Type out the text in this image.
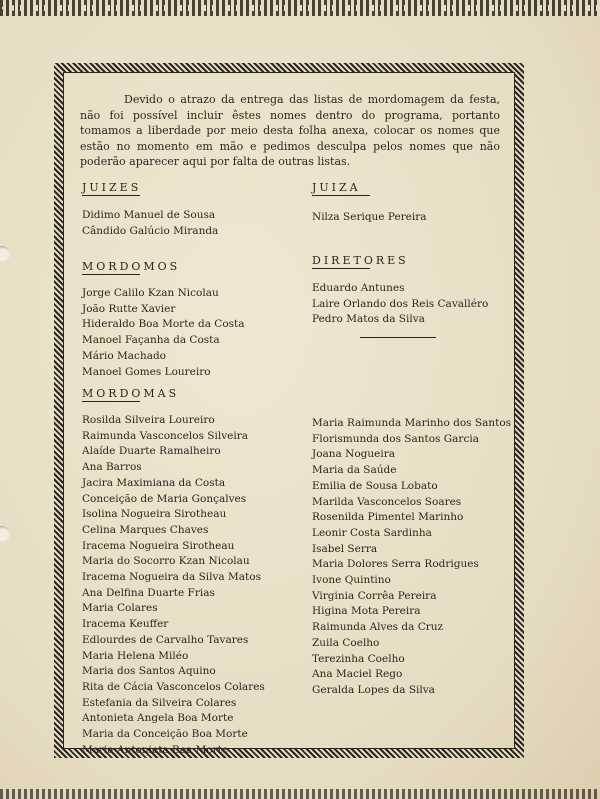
Devido o atrazo da entrega das listas de mordomagem da festa, não foi possível incluir êstes nomes dentro do programa, portanto tomamos a liberdade por meio desta folha anexa, colocar os nomes que estão no momento em mão e pedimos desculpa pelos nomes que não poderão aparecer aqui por falta de outras listas.
JUIZES
Didimo Manuel de Sousa
Cândido Galúcio Miranda
JUIZA
Nilza Serique Pereira
MORDOMOS
Jorge Calilo Kzan Nicolau
João Rutte Xavier
Hideraldo Boa Morte da Costa
Manoel Façanha da Costa
Mário Machado
Manoel Gomes Loureiro
DIRETORES
Eduardo Antunes
Laire Orlando dos Reis Cavalléro
Pedro Matos da Silva
MORDOMAS
Rosilda Silveira Loureiro
Raimunda Vasconcelos Silveira
Alaíde Duarte Ramalheiro
Ana Barros
Jacira Maximiana da Costa
Conceição de Maria Gonçalves
Isolina Nogueira Sirotheau
Celina Marques Chaves
Iracema Nogueira Sirotheau
Maria do Socorro Kzan Nicolau
Iracema Nogueira da Silva Matos
Ana Delfina Duarte Frias
Maria Colares
Iracema Keuffer
Edlourdes de Carvalho Tavares
Maria Helena Miléo
Maria dos Santos Aquino
Rita de Cácia Vasconcelos Colares
Estefania da Silveira Colares
Antonieta Angela Boa Morte
Maria da Conceição Boa Morte
Maria Antonieta Boa Morte
Maria Raimunda Marinho dos Santos
Florismunda dos Santos Garcia
Joana Nogueira
Maria da Saúde
Emilia de Sousa Lobato
Marilda Vasconcelos Soares
Rosenilda Pimentel Marinho
Leonir Costa Sardinha
Isabel Serra
Maria Dolores Serra Rodrigues
Ivone Quintino
Virginia Corrêa Pereira
Higina Mota Pereira
Raimunda Alves da Cruz
Zuila Coelho
Terezinha Coelho
Ana Maciel Rego
Geralda Lopes da Silva
